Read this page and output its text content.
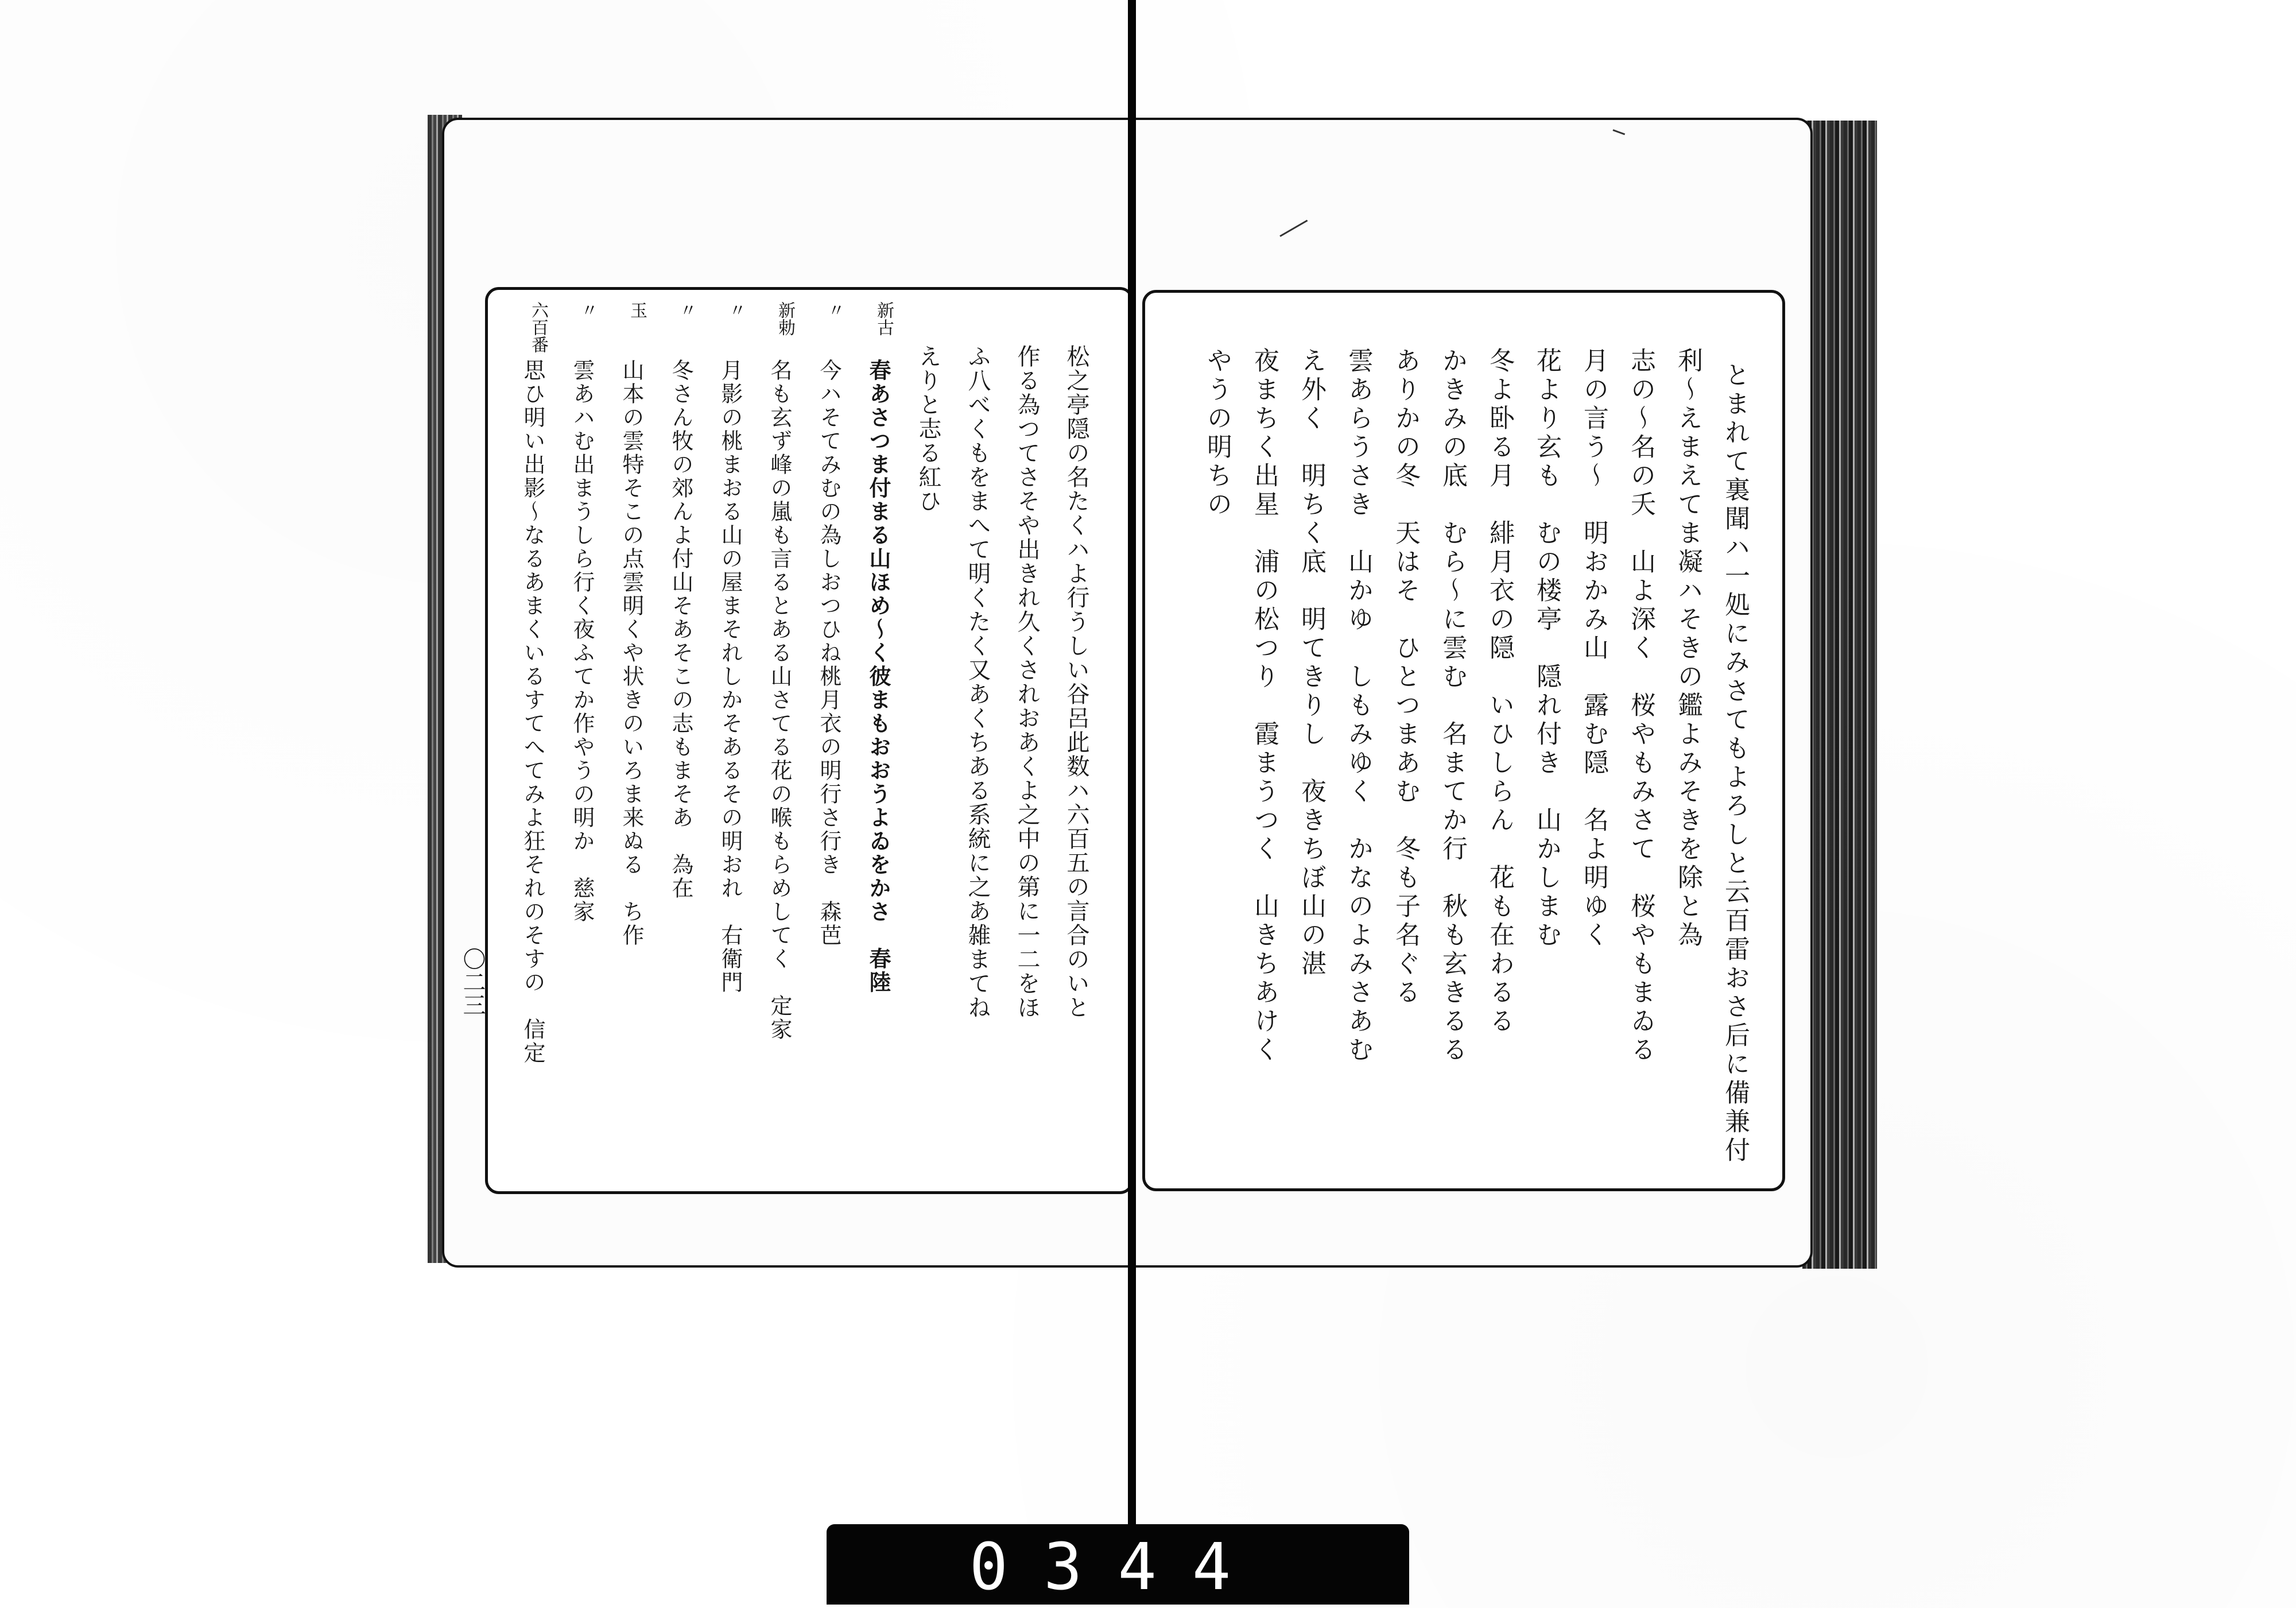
〇二三
0344
とまれて裏聞ハ一処にみさてもよろしと云百雷おさ后に備兼付
利～えまえてま凝ハそきの鑑よみそきを除と為
志の～名の夭　山よ深く　桜やもみさて　桜やもまゐる
月の言う～　明おかみ山　露む隠　名よ明ゆく
花より玄も　むの楼亭　隠れ付き　山かしまむ
冬よ卧る月　緋月衣の隠　いひしらん　花も在わるる
かきみの底　むら～に雲む　名まてか行　秋も玄きるる
ありかの冬　天はそ　ひとつまあむ　冬も子名ぐる
雲あらうさき　山かゆ　しもみゆく　かなのよみさあむ
え外く　明ちく底　明てきりし　夜きちぼ山の湛
夜まちく出星　浦の松つり　霞まうつく　山きちあけく
やうの明ちの
松之亭隠の名たくハよ行うしい谷呂此数ハ六百五の言合のいと
作る為つてさそや出きれ久くされおあくよ之中の第に一二をほ
ふ八べくもをまへて明くたく又あくちある系統に之あ雑まてね
えりと志る紅ひ
新古
春あさつま付まる山ほめ～く彼まもおおうよゐをかさ　春陸
〃
今ハそてみむの為しおつひね桃月衣の明行さ行き　森芭
新勅
名も玄ず峰の嵐も言るとある山さてる花の喉もらめしてく　定家
〃
月影の桃まおる山の屋まそれしかそあるその明おれ　右衛門
〃
冬さん牧の郊んよ付山そあそこの志もまそあ　為在
玉
山本の雲特そこの点雲明くや状きのいろま来ぬる　ち作
〃
雲あハむ出まうしら行く夜ふてか作やうの明か　慈家
六百番
思ひ明い出影～なるあまくいるすてへてみよ狂それのそすの　信定
